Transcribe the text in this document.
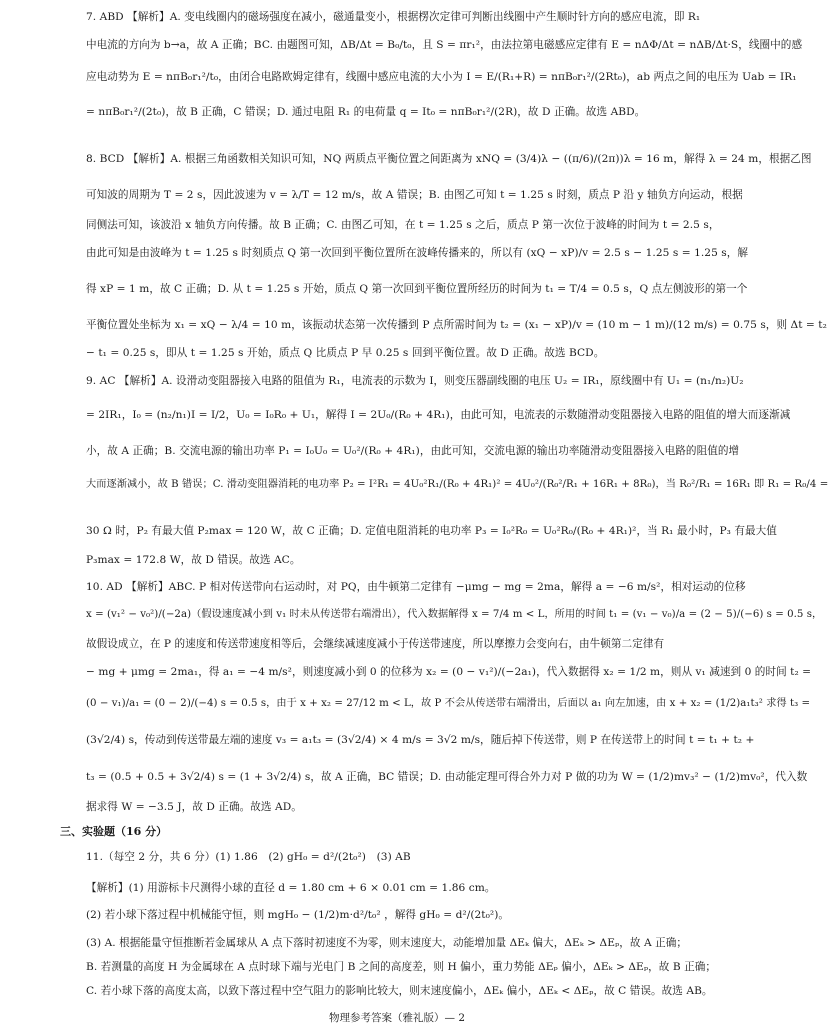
7. ABD 【解析】A. 变电线圈内的磁场强度在减小，磁通量变小，根据楞次定律可判断出线圈中产生顺时针方向的感应电流，即 R₁
中电流的方向为 b→a，故 A 正确；BC. 由题图可知，ΔB/Δt = B₀/t₀，且 S = πr₁²，由法拉第电磁感应定律有 E = nΔΦ/Δt = nΔB/Δt·S，线圈中的感
应电动势为 E = nπB₀r₁²/t₀，由闭合电路欧姆定律有，线圈中感应电流的大小为 I = E/(R₁+R) = nπB₀r₁²/(2Rt₀)，ab 两点之间的电压为 Uab = IR₁
= nπB₀r₁²/(2t₀)，故 B 正确，C 错误；D. 通过电阻 R₁ 的电荷量 q = It₀ = nπB₀r₁²/(2R)，故 D 正确。故选 ABD。
8. BCD 【解析】A. 根据三角函数相关知识可知，NQ 两质点平衡位置之间距离为 xNQ = (3/4)λ − ((π/6)/(2π))λ = 16 m，解得 λ = 24 m，根据乙图
可知波的周期为 T = 2 s，因此波速为 v = λ/T = 12 m/s，故 A 错误；B. 由图乙可知 t = 1.25 s 时刻，质点 P 沿 y 轴负方向运动，根据
同侧法可知，该波沿 x 轴负方向传播。故 B 正确；C. 由图乙可知，在 t = 1.25 s 之后，质点 P 第一次位于波峰的时间为 t = 2.5 s，
由此可知是由波峰为 t = 1.25 s 时刻质点 Q 第一次回到平衡位置所在波峰传播来的，所以有 (xQ − xP)/v = 2.5 s − 1.25 s = 1.25 s，解
得 xP = 1 m，故 C 正确；D. 从 t = 1.25 s 开始，质点 Q 第一次回到平衡位置所经历的时间为 t₁ = T/4 = 0.5 s，Q 点左侧波形的第一个
平衡位置处坐标为 x₁ = xQ − λ/4 = 10 m，该振动状态第一次传播到 P 点所需时间为 t₂ = (x₁ − xP)/v = (10 m − 1 m)/(12 m/s) = 0.75 s，则 Δt = t₂
− t₁ = 0.25 s，即从 t = 1.25 s 开始，质点 Q 比质点 P 早 0.25 s 回到平衡位置。故 D 正确。故选 BCD。
9. AC 【解析】A. 设滑动变阻器接入电路的阻值为 R₁，电流表的示数为 I，则变压器副线圈的电压 U₂ = IR₁，原线圈中有 U₁ = (n₁/n₂)U₂
= 2IR₁，I₀ = (n₂/n₁)I = I/2，U₀ = I₀R₀ + U₁，解得 I = 2U₀/(R₀ + 4R₁)，由此可知，电流表的示数随滑动变阻器接入电路的阻值的增大而逐渐减
小，故 A 正确；B. 交流电源的输出功率 P₁ = I₀U₀ = U₀²/(R₀ + 4R₁)，由此可知，交流电源的输出功率随滑动变阻器接入电路的阻值的增
大而逐渐减小，故 B 错误；C. 滑动变阻器消耗的电功率 P₂ = I²R₁ = 4U₀²R₁/(R₀ + 4R₁)² = 4U₀²/(R₀²/R₁ + 16R₁ + 8R₀)，当 R₀²/R₁ = 16R₁ 即 R₁ = R₀/4 =
30 Ω 时，P₂ 有最大值 P₂max = 120 W，故 C 正确；D. 定值电阻消耗的电功率 P₃ = I₀²R₀ = U₀²R₀/(R₀ + 4R₁)²，当 R₁ 最小时，P₃ 有最大值
P₃max = 172.8 W，故 D 错误。故选 AC。
10. AD 【解析】ABC. P 相对传送带向右运动时，对 PQ，由牛顿第二定律有 −μmg − mg = 2ma，解得 a = −6 m/s²，相对运动的位移
x = (v₁² − v₀²)/(−2a)（假设速度减小到 v₁ 时未从传送带右端滑出），代入数据解得 x = 7/4 m < L，所用的时间 t₁ = (v₁ − v₀)/a = (2 − 5)/(−6) s = 0.5 s，
故假设成立，在 P 的速度和传送带速度相等后，会继续减速度减小于传送带速度，所以摩擦力会变向右，由牛顿第二定律有
− mg + μmg = 2ma₁，得 a₁ = −4 m/s²，则速度减小到 0 的位移为 x₂ = (0 − v₁²)/(−2a₁)，代入数据得 x₂ = 1/2 m，则从 v₁ 减速到 0 的时间 t₂ =
(0 − v₁)/a₁ = (0 − 2)/(−4) s = 0.5 s，由于 x + x₂ = 27/12 m < L，故 P 不会从传送带右端滑出，后面以 a₁ 向左加速，由 x + x₂ = (1/2)a₁t₃² 求得 t₃ =
(3√2/4) s，传动到传送带最左端的速度 v₃ = a₁t₃ = (3√2/4) × 4 m/s = 3√2 m/s，随后掉下传送带，则 P 在传送带上的时间 t = t₁ + t₂ +
t₃ = (0.5 + 0.5 + 3√2/4) s = (1 + 3√2/4) s，故 A 正确，BC 错误；D. 由动能定理可得合外力对 P 做的功为 W = (1/2)mv₃² − (1/2)mv₀²，代入数
据求得 W = −3.5 J，故 D 正确。故选 AD。
三、实验题（16 分）
11.（每空 2 分，共 6 分）(1) 1.86　(2) gH₀ = d²/(2t₀²)　(3) AB
【解析】(1) 用游标卡尺测得小球的直径 d = 1.80 cm + 6 × 0.01 cm = 1.86 cm。
(2) 若小球下落过程中机械能守恒，则 mgH₀ − (1/2)m·d²/t₀² ，解得 gH₀ = d²/(2t₀²)。
(3) A. 根据能量守恒推断若金属球从 A 点下落时初速度不为零，则末速度大，动能增加量 ΔEₖ 偏大，ΔEₖ > ΔEₚ，故 A 正确；
B. 若测量的高度 H 为金属球在 A 点时球下端与光电门 B 之间的高度差，则 H 偏小，重力势能 ΔEₚ 偏小，ΔEₖ > ΔEₚ，故 B 正确；
C. 若小球下落的高度太高，以致下落过程中空气阻力的影响比较大，则末速度偏小，ΔEₖ 偏小，ΔEₖ < ΔEₚ，故 C 错误。故选 AB。
物理参考答案（雅礼版）— 2
